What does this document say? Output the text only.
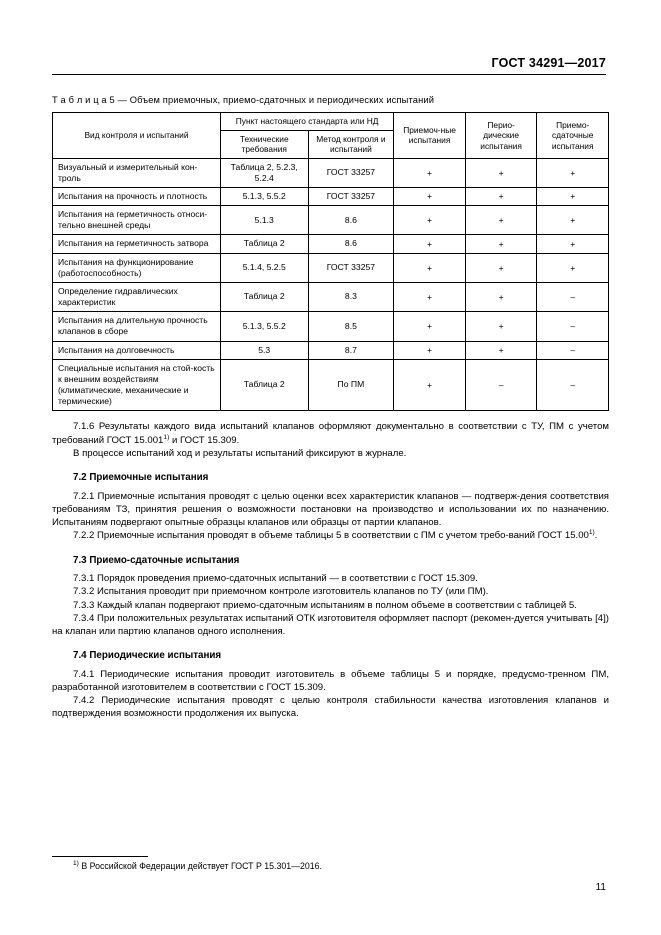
ГОСТ 34291—2017
Т а б л и ц а 5 — Объем приемочных, приемо-сдаточных и периодических испытаний
Вид контроля и испытаний	Пункт настоящего стандарта или НД		Приемоч-ные испытания	Перио-дические испытания	Приемо-сдаточные испытания
	Технические требования	Метод контроля и испытаний			
Визуальный и измерительный кон-троль	Таблица 2, 5.2.3, 5.2.4	ГОСТ 33257	+	+	+
Испытания на прочность и плотность	5.1.3, 5.5.2	ГОСТ 33257	+	+	+
Испытания на герметичность относи-тельно внешней среды	5.1.3	8.6	+	+	+
Испытания на герметичность затвора	Таблица 2	8.6	+	+	+
Испытания на функционирование (работоспособность)	5.1.4, 5.2.5	ГОСТ 33257	+	+	+
Определение гидравлических характеристик	Таблица 2	8.3	+	+	–
Испытания на длительную прочность клапанов в сборе	5.1.3, 5.5.2	8.5	+	+	–
Испытания на долговечность	5.3	8.7	+	+	–
Специальные испытания на стой-кость к внешним воздействиям (климатические, механические и термические)	Таблица 2	По ПМ	+	–	–

7.1.6 Результаты каждого вида испытаний клапанов оформляют документально в соответствии с ТУ, ПМ с учетом требований ГОСТ 15.001$^{1)}$ и ГОСТ 15.309.

В процессе испытаний ход и результаты испытаний фиксируют в журнале.

7.2 Приемочные испытания

7.2.1 Приемочные испытания проводят с целью оценки всех характеристик клапанов — подтверж-дения соответствия требованиям ТЗ, принятия решения о возможности постановки на производство и использовании их по назначению. Испытаниям подвергают опытные образцы клапанов или образцы от партии клапанов.

7.2.2 Приемочные испытания проводят в объеме таблицы 5 в соответствии с ПМ с учетом требо-ваний ГОСТ 15.00$^{1)}$.

7.3 Приемо-сдаточные испытания

7.3.1 Порядок проведения приемо-сдаточных испытаний — в соответствии с ГОСТ 15.309.

7.3.2 Испытания проводит при приемочном контроле изготовитель клапанов по ТУ (или ПМ).

7.3.3 Каждый клапан подвергают приемо-сдаточным испытаниям в полном объеме в соответствии с таблицей 5.

7.3.4 При положительных результатах испытаний ОТК изготовителя оформляет паспорт (рекомен-дуется учитывать [4]) на клапан или партию клапанов одного исполнения.

7.4 Периодические испытания

7.4.1 Периодические испытания проводит изготовитель в объеме таблицы 5 и порядке, предусмо-тренном ПМ, разработанной изготовителем в соответствии с ГОСТ 15.309.

7.4.2 Периодические испытания проводят с целью контроля стабильности качества изготовления клапанов и подтверждения возможности продолжения их выпуска.

$^{1)}$ В Российской Федерации действует ГОСТ Р 15.301—2016.
11
